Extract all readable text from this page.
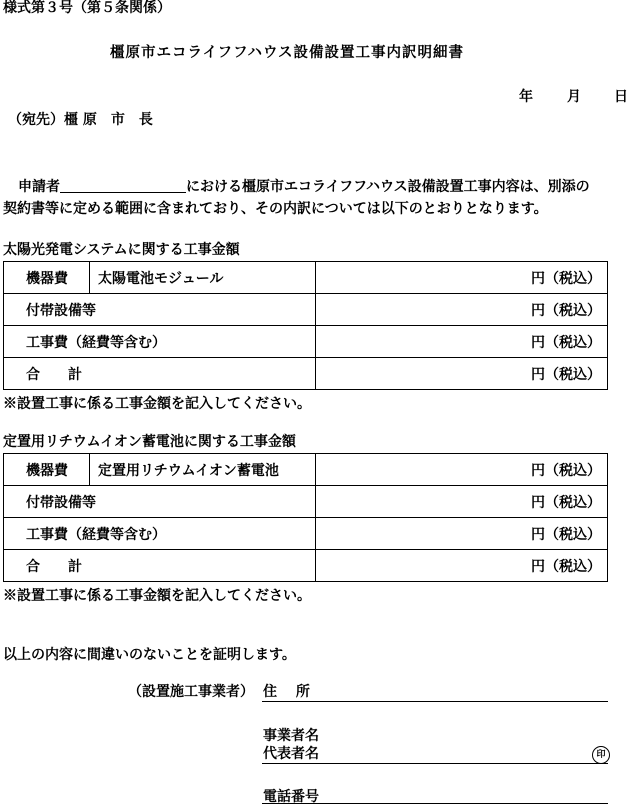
様式第３号（第５条関係）
橿原市エコライフフハウス設備設置工事内訳明細書
年 月 日
（宛先）橿 原　市　長
申請者	における橿原市エコライフフハウス設備設置工事内容は、別添の
契約書等に定める範囲に含まれており、その内訳については以下のとおりとなります。
太陽光発電システムに関する工事金額
機器費	太陽電池モジュール	円（税込）
付帯設備等		円（税込）
工事費（経費等含む）		円（税込）
合　　計		円（税込）
※設置工事に係る工事金額を記入してください。
定置用リチウムイオン蓄電池に関する工事金額
機器費	定置用リチウムイオン蓄電池	円（税込）
付帯設備等		円（税込）
工事費（経費等含む）		円（税込）
合　　計		円（税込）
※設置工事に係る工事金額を記入してください。
以上の内容に間違いのないことを証明します。
（設置施工事業者） 住　 所
事業者名
代表者名	印
電話番号
